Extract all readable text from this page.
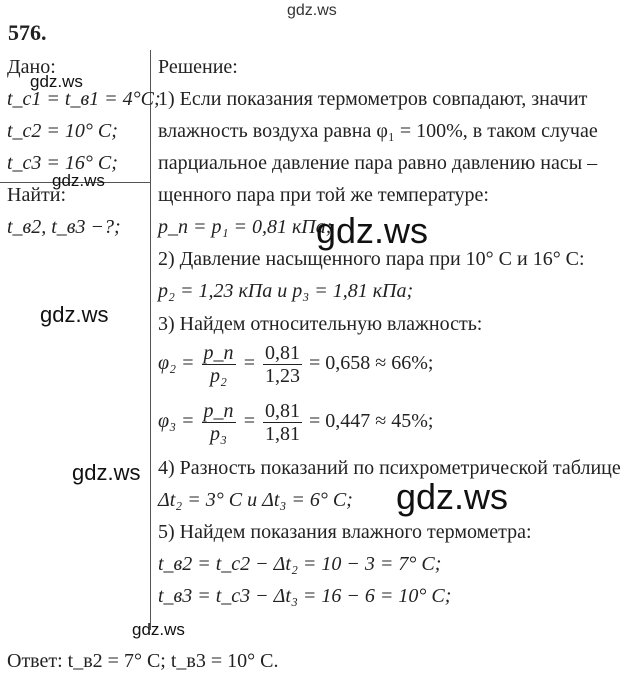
gdz.ws
576.
Дано:
t_c1 = t_в1 = 4°C;
t_c2 = 10° C;
t_c3 = 16° C;
Найти:
t_в2, t_в3 −?;
Решение:
1) Если показания термометров совпадают, значит
влажность воздуха равна φ₁ = 100%, в таком случае
парциальное давление пара равно давлению насы –
щенного пара при той же температуре:
p_п = p₁ = 0,81 кПа;
2) Давление насыщенного пара при 10° C и 16° C:
p₂ = 1,23 кПа и p₃ = 1,81 кПа;
3) Найдем относительную влажность:
$\varphi_2 = \frac{p\_п}{\text{p₂}} = \frac{0,81}{1,23} = 0,658 \approx 66\%$;
$\varphi_3 = \frac{p\_п}{\text{p₃}} = \frac{0,81}{1,81} = 0,447 \approx 45\%$;
4) Разность показаний по психрометрической таблице
Δt₂ = 3° C и Δt₃ = 6° C;
5) Найдем показания влажного термометра:
t_в2 = t_c2 − Δt₂ = 10 − 3 = 7° C;
t_в3 = t_c3 − Δt₃ = 16 − 6 = 10° C;
Ответ: t_в2 = 7° C; t_в3 = 10° C.
gdz.ws
gdz.ws
gdz.ws
gdz.ws
gdz.ws
gdz.ws
gdz.ws
